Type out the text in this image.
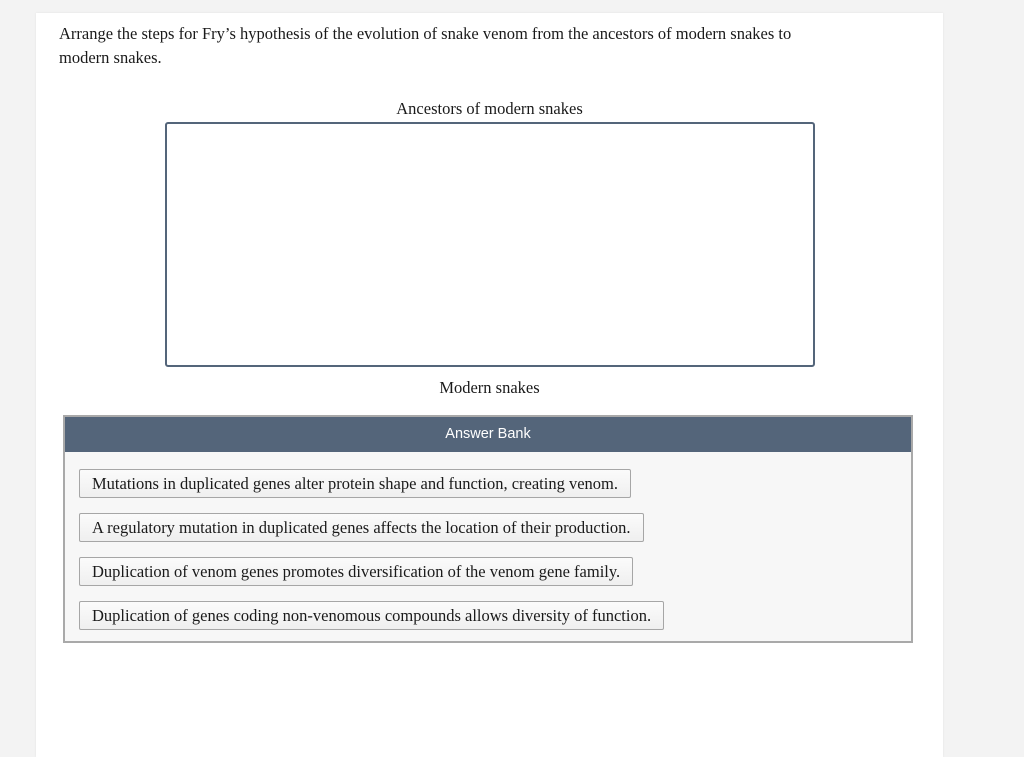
Arrange the steps for Fry’s hypothesis of the evolution of snake venom from the ancestors of modern snakes to modern snakes.

Ancestors of modern snakes
Modern snakes
Answer Bank
Mutations in duplicated genes alter protein shape and function, creating venom.
A regulatory mutation in duplicated genes affects the location of their production.
Duplication of venom genes promotes diversification of the venom gene family.
Duplication of genes coding non-venomous compounds allows diversity of function.
